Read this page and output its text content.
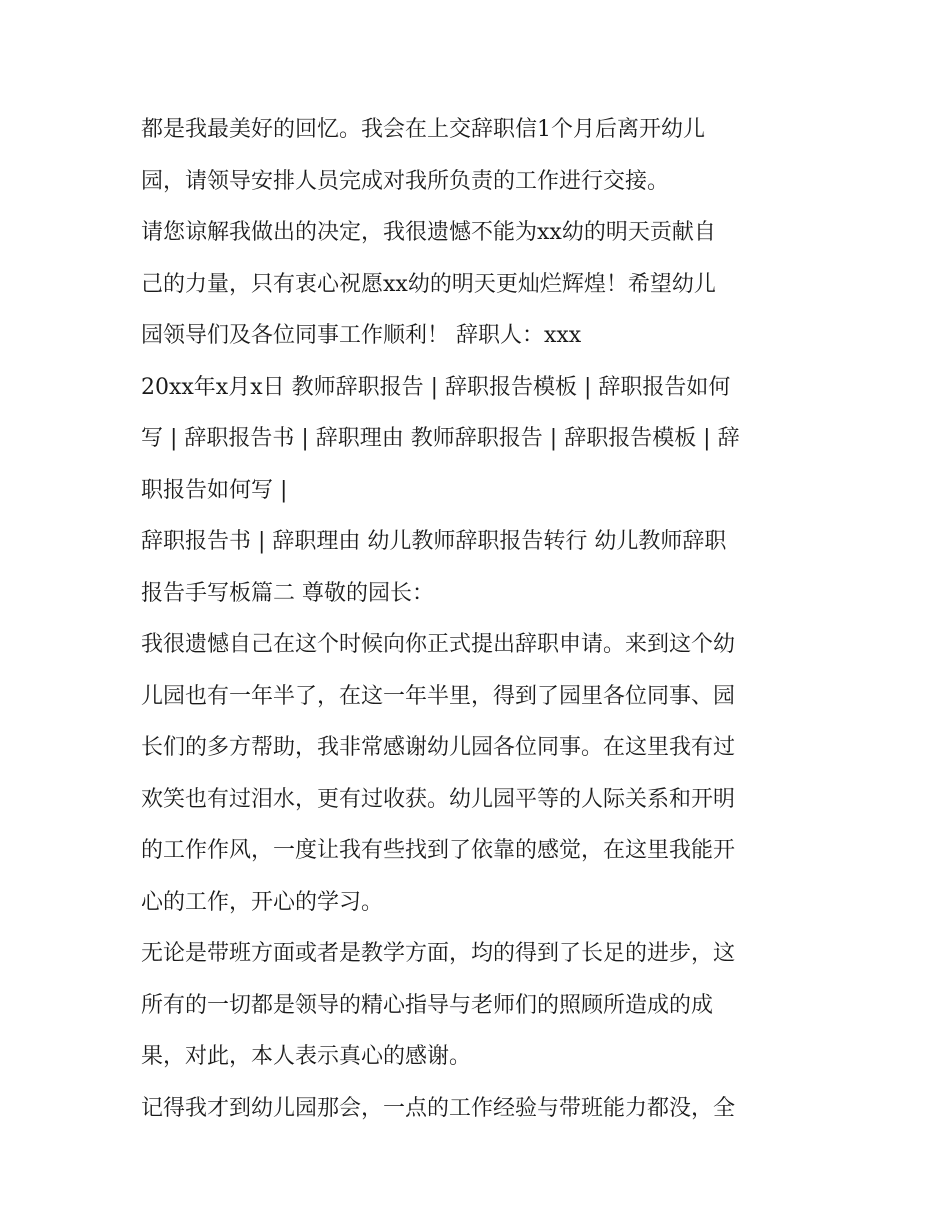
都是我最美好的回忆。我会在上交辞职信1个月后离开幼儿
园，请领导安排人员完成对我所负责的工作进行交接。
请您谅解我做出的决定，我很遗憾不能为xx幼的明天贡献自
己的力量，只有衷心祝愿xx幼的明天更灿烂辉煌！希望幼儿
园领导们及各位同事工作顺利！ 辞职人：xxx
20xx年x月x日 教师辞职报告 | 辞职报告模板 | 辞职报告如何
写 | 辞职报告书 | 辞职理由 教师辞职报告 | 辞职报告模板 | 辞
职报告如何写 |
辞职报告书 | 辞职理由 幼儿教师辞职报告转行 幼儿教师辞职
报告手写板篇二 尊敬的园长：
我很遗憾自己在这个时候向你正式提出辞职申请。来到这个幼
儿园也有一年半了，在这一年半里，得到了园里各位同事、园
长们的多方帮助，我非常感谢幼儿园各位同事。在这里我有过
欢笑也有过泪水，更有过收获。幼儿园平等的人际关系和开明
的工作作风，一度让我有些找到了依靠的感觉，在这里我能开
心的工作，开心的学习。
无论是带班方面或者是教学方面，均的得到了长足的进步，这
所有的一切都是领导的精心指导与老师们的照顾所造成的成
果，对此，本人表示真心的感谢。
记得我才到幼儿园那会，一点的工作经验与带班能力都没，全
